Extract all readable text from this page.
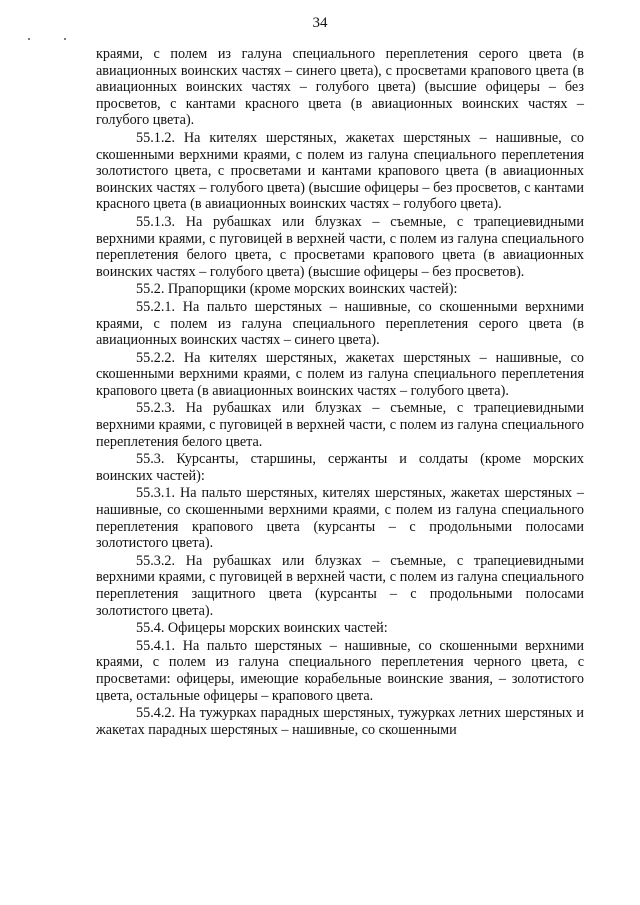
34

краями, с полем из галуна специального переплетения серого цвета (в авиационных воинских частях – синего цвета), с просветами крапового цвета (в авиационных воинских частях – голубого цвета) (высшие офицеры – без просветов, с кантами красного цвета (в авиационных воинских частях – голубого цвета).

55.1.2. На кителях шерстяных, жакетах шерстяных – нашивные, со скошенными верхними краями, с полем из галуна специального переплетения золотистого цвета, с просветами и кантами крапового цвета (в авиационных воинских частях – голубого цвета) (высшие офицеры – без просветов, с кантами красного цвета (в авиационных воинских частях – голубого цвета).

55.1.3. На рубашках или блузках – съемные, с трапециевидными верхними краями, с пуговицей в верхней части, с полем из галуна специального переплетения белого цвета, с просветами крапового цвета (в авиационных воинских частях – голубого цвета) (высшие офицеры – без просветов).

55.2. Прапорщики (кроме морских воинских частей):

55.2.1. На пальто шерстяных – нашивные, со скошенными верхними краями, с полем из галуна специального переплетения серого цвета (в авиационных воинских частях – синего цвета).

55.2.2. На кителях шерстяных, жакетах шерстяных – нашивные, со скошенными верхними краями, с полем из галуна специального переплетения крапового цвета (в авиационных воинских частях – голубого цвета).

55.2.3. На рубашках или блузках – съемные, с трапециевидными верхними краями, с пуговицей в верхней части, с полем из галуна специального переплетения белого цвета.

55.3. Курсанты, старшины, сержанты и солдаты (кроме морских воинских частей):

55.3.1. На пальто шерстяных, кителях шерстяных, жакетах шерстяных – нашивные, со скошенными верхними краями, с полем из галуна специального переплетения крапового цвета (курсанты – с продольными полосами золотистого цвета).

55.3.2. На рубашках или блузках – съемные, с трапециевидными верхними краями, с пуговицей в верхней части, с полем из галуна специального переплетения защитного цвета (курсанты – с продольными полосами золотистого цвета).

55.4. Офицеры морских воинских частей:

55.4.1. На пальто шерстяных – нашивные, со скошенными верхними краями, с полем из галуна специального переплетения черного цвета, с просветами: офицеры, имеющие корабельные воинские звания, – золотистого цвета, остальные офицеры – крапового цвета.

55.4.2. На тужурках парадных шерстяных, тужурках летних шерстяных и жакетах парадных шерстяных – нашивные, со скошенными
